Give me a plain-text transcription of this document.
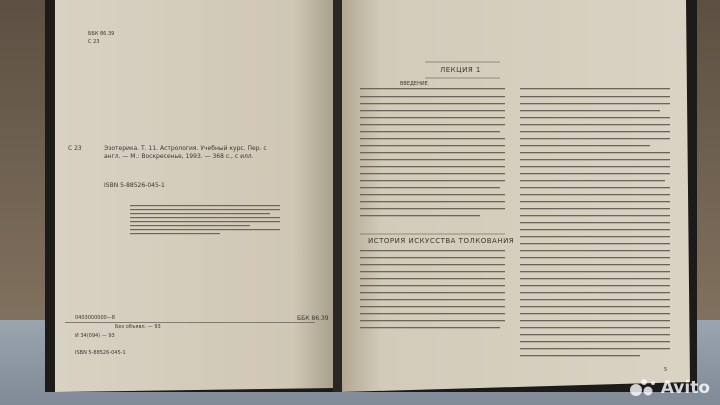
ББК 86.39
С 23
С 23	Эзотерика. Т. 11. Астрология. Учебный курс. Пер. с
англ. — М.: Воскресенье, 1993. — 368 с., с илл.
ISBN 5-88526-045-1
0403000000—8
Без объявл. — 93
И 34(094) — 93
ББК 86.39
ISBN 5-88526-045-1
ЛЕКЦИЯ 1
ВВЕДЕНИЕ
ИСТОРИЯ ИСКУССТВА ТОЛКОВАНИЯ
5
Avito
